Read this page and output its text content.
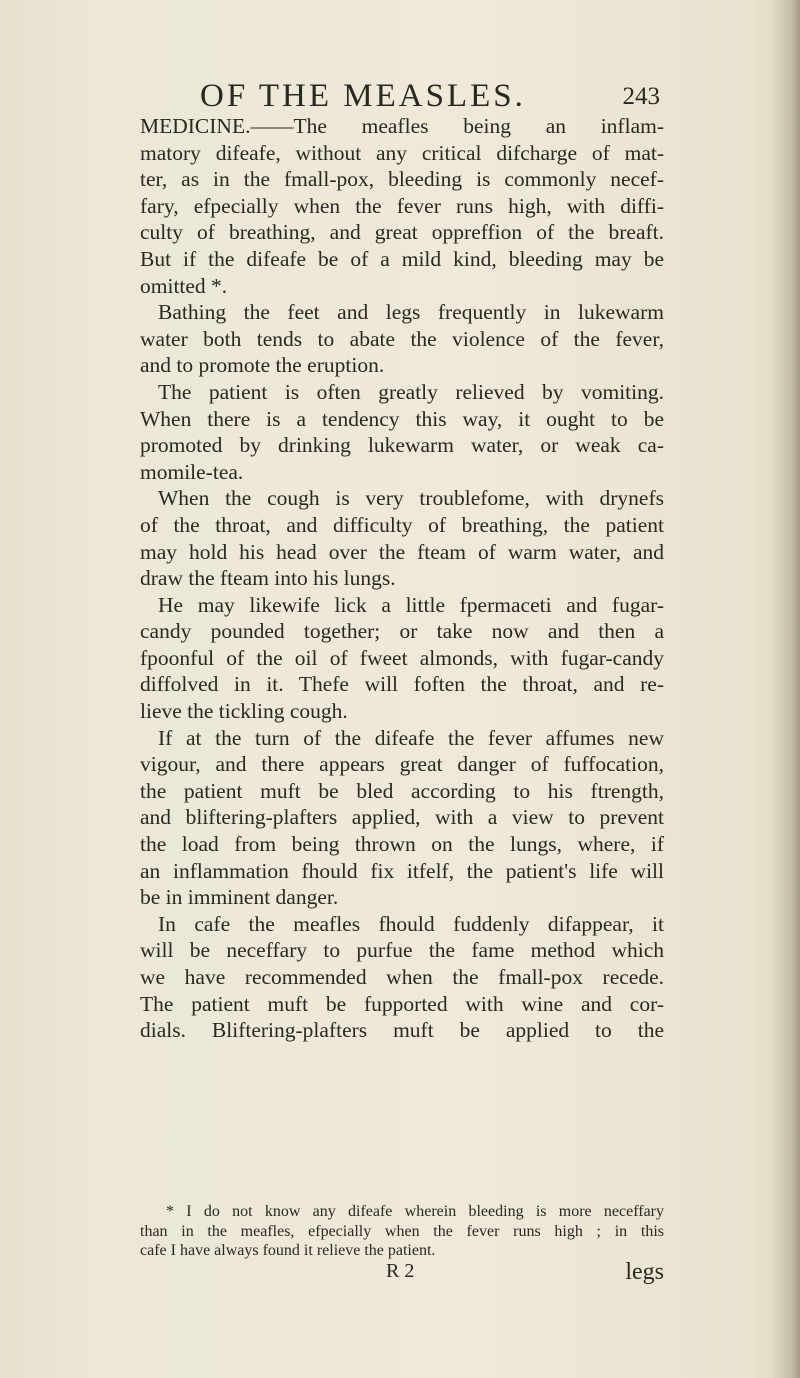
OF THE MEASLES.	243
MEDICINE.——The meafles being an inflam-
matory difeafe, without any critical difcharge of mat-
ter, as in the fmall-pox, bleeding is commonly necef-
fary, efpecially when the fever runs high, with diffi-
culty of breathing, and great oppreffion of the breaft.
But if the difeafe be of a mild kind, bleeding may be
omitted *.
Bathing the feet and legs frequently in lukewarm
water both tends to abate the violence of the fever,
and to promote the eruption.
The patient is often greatly relieved by vomiting.
When there is a tendency this way, it ought to be
promoted by drinking lukewarm water, or weak ca-
momile-tea.
When the cough is very troublefome, with drynefs
of the throat, and difficulty of breathing, the patient
may hold his head over the fteam of warm water, and
draw the fteam into his lungs.
He may likewife lick a little fpermaceti and fugar-
candy pounded together; or take now and then a
fpoonful of the oil of fweet almonds, with fugar-candy
diffolved in it. Thefe will foften the throat, and re-
lieve the tickling cough.
If at the turn of the difeafe the fever affumes new
vigour, and there appears great danger of fuffocation,
the patient muft be bled according to his ftrength,
and bliftering-plafters applied, with a view to prevent
the load from being thrown on the lungs, where, if
an inflammation fhould fix itfelf, the patient's life will
be in imminent danger.
In cafe the meafles fhould fuddenly difappear, it
will be neceffary to purfue the fame method which
we have recommended when the fmall-pox recede.
The patient muft be fupported with wine and cor-
dials. Bliftering-plafters muft be applied to the
* I do not know any difeafe wherein bleeding is more neceffary
than in the meafles, efpecially when the fever runs high ; in this
cafe I have always found it relieve the patient.
R 2	legs
